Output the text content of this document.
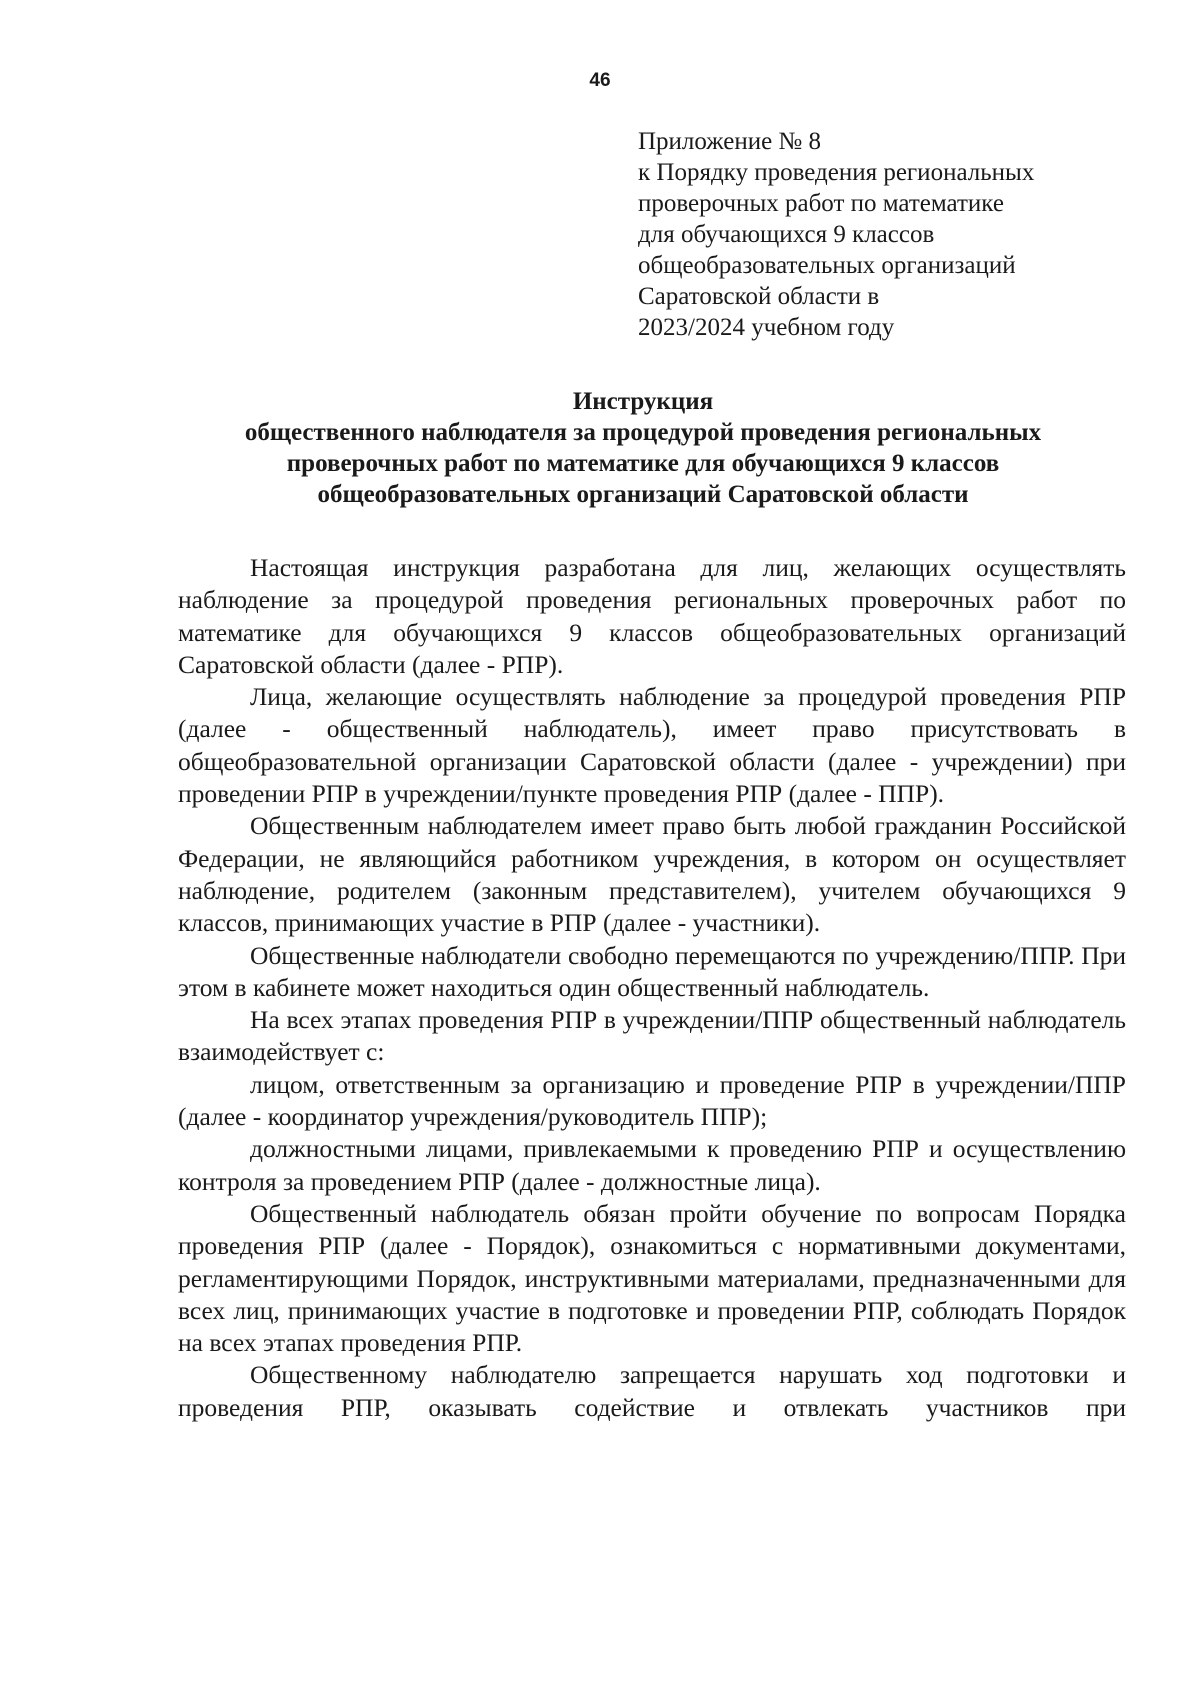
46
Приложение № 8
к Порядку проведения региональных
проверочных работ по математике
для обучающихся 9 классов
общеобразовательных организаций
Саратовской области в
2023/2024 учебном году
Инструкция
общественного наблюдателя за процедурой проведения региональных
проверочных работ по математике для обучающихся 9 классов
общеобразовательных организаций Саратовской области

Настоящая инструкция разработана для лиц, желающих осуществлять наблюдение за процедурой проведения региональных проверочных работ по математике для обучающихся 9 классов общеобразовательных организаций Саратовской области (далее - РПР).

Лица, желающие осуществлять наблюдение за процедурой проведения РПР (далее - общественный наблюдатель), имеет право присутствовать в общеобразовательной организации Саратовской области (далее - учреждении) при проведении РПР в учреждении/пункте проведения РПР (далее - ППР).

Общественным наблюдателем имеет право быть любой гражданин Российской Федерации, не являющийся работником учреждения, в котором он осуществляет наблюдение, родителем (законным представителем), учителем обучающихся 9 классов, принимающих участие в РПР (далее - участники).

Общественные наблюдатели свободно перемещаются по учреждению/ППР. При этом в кабинете может находиться один общественный наблюдатель.

На всех этапах проведения РПР в учреждении/ППР общественный наблюдатель взаимодействует с:

лицом, ответственным за организацию и проведение РПР в учреждении/ППР (далее - координатор учреждения/руководитель ППР);

должностными лицами, привлекаемыми к проведению РПР и осуществлению контроля за проведением РПР (далее - должностные лица).

Общественный наблюдатель обязан пройти обучение по вопросам Порядка проведения РПР (далее - Порядок), ознакомиться с нормативными документами, регламентирующими Порядок, инструктивными материалами, предназначенными для всех лиц, принимающих участие в подготовке и проведении РПР, соблюдать Порядок на всех этапах проведения РПР.

Общественному наблюдателю запрещается нарушать ход подготовки и проведения РПР, оказывать содействие и отвлекать участников при
